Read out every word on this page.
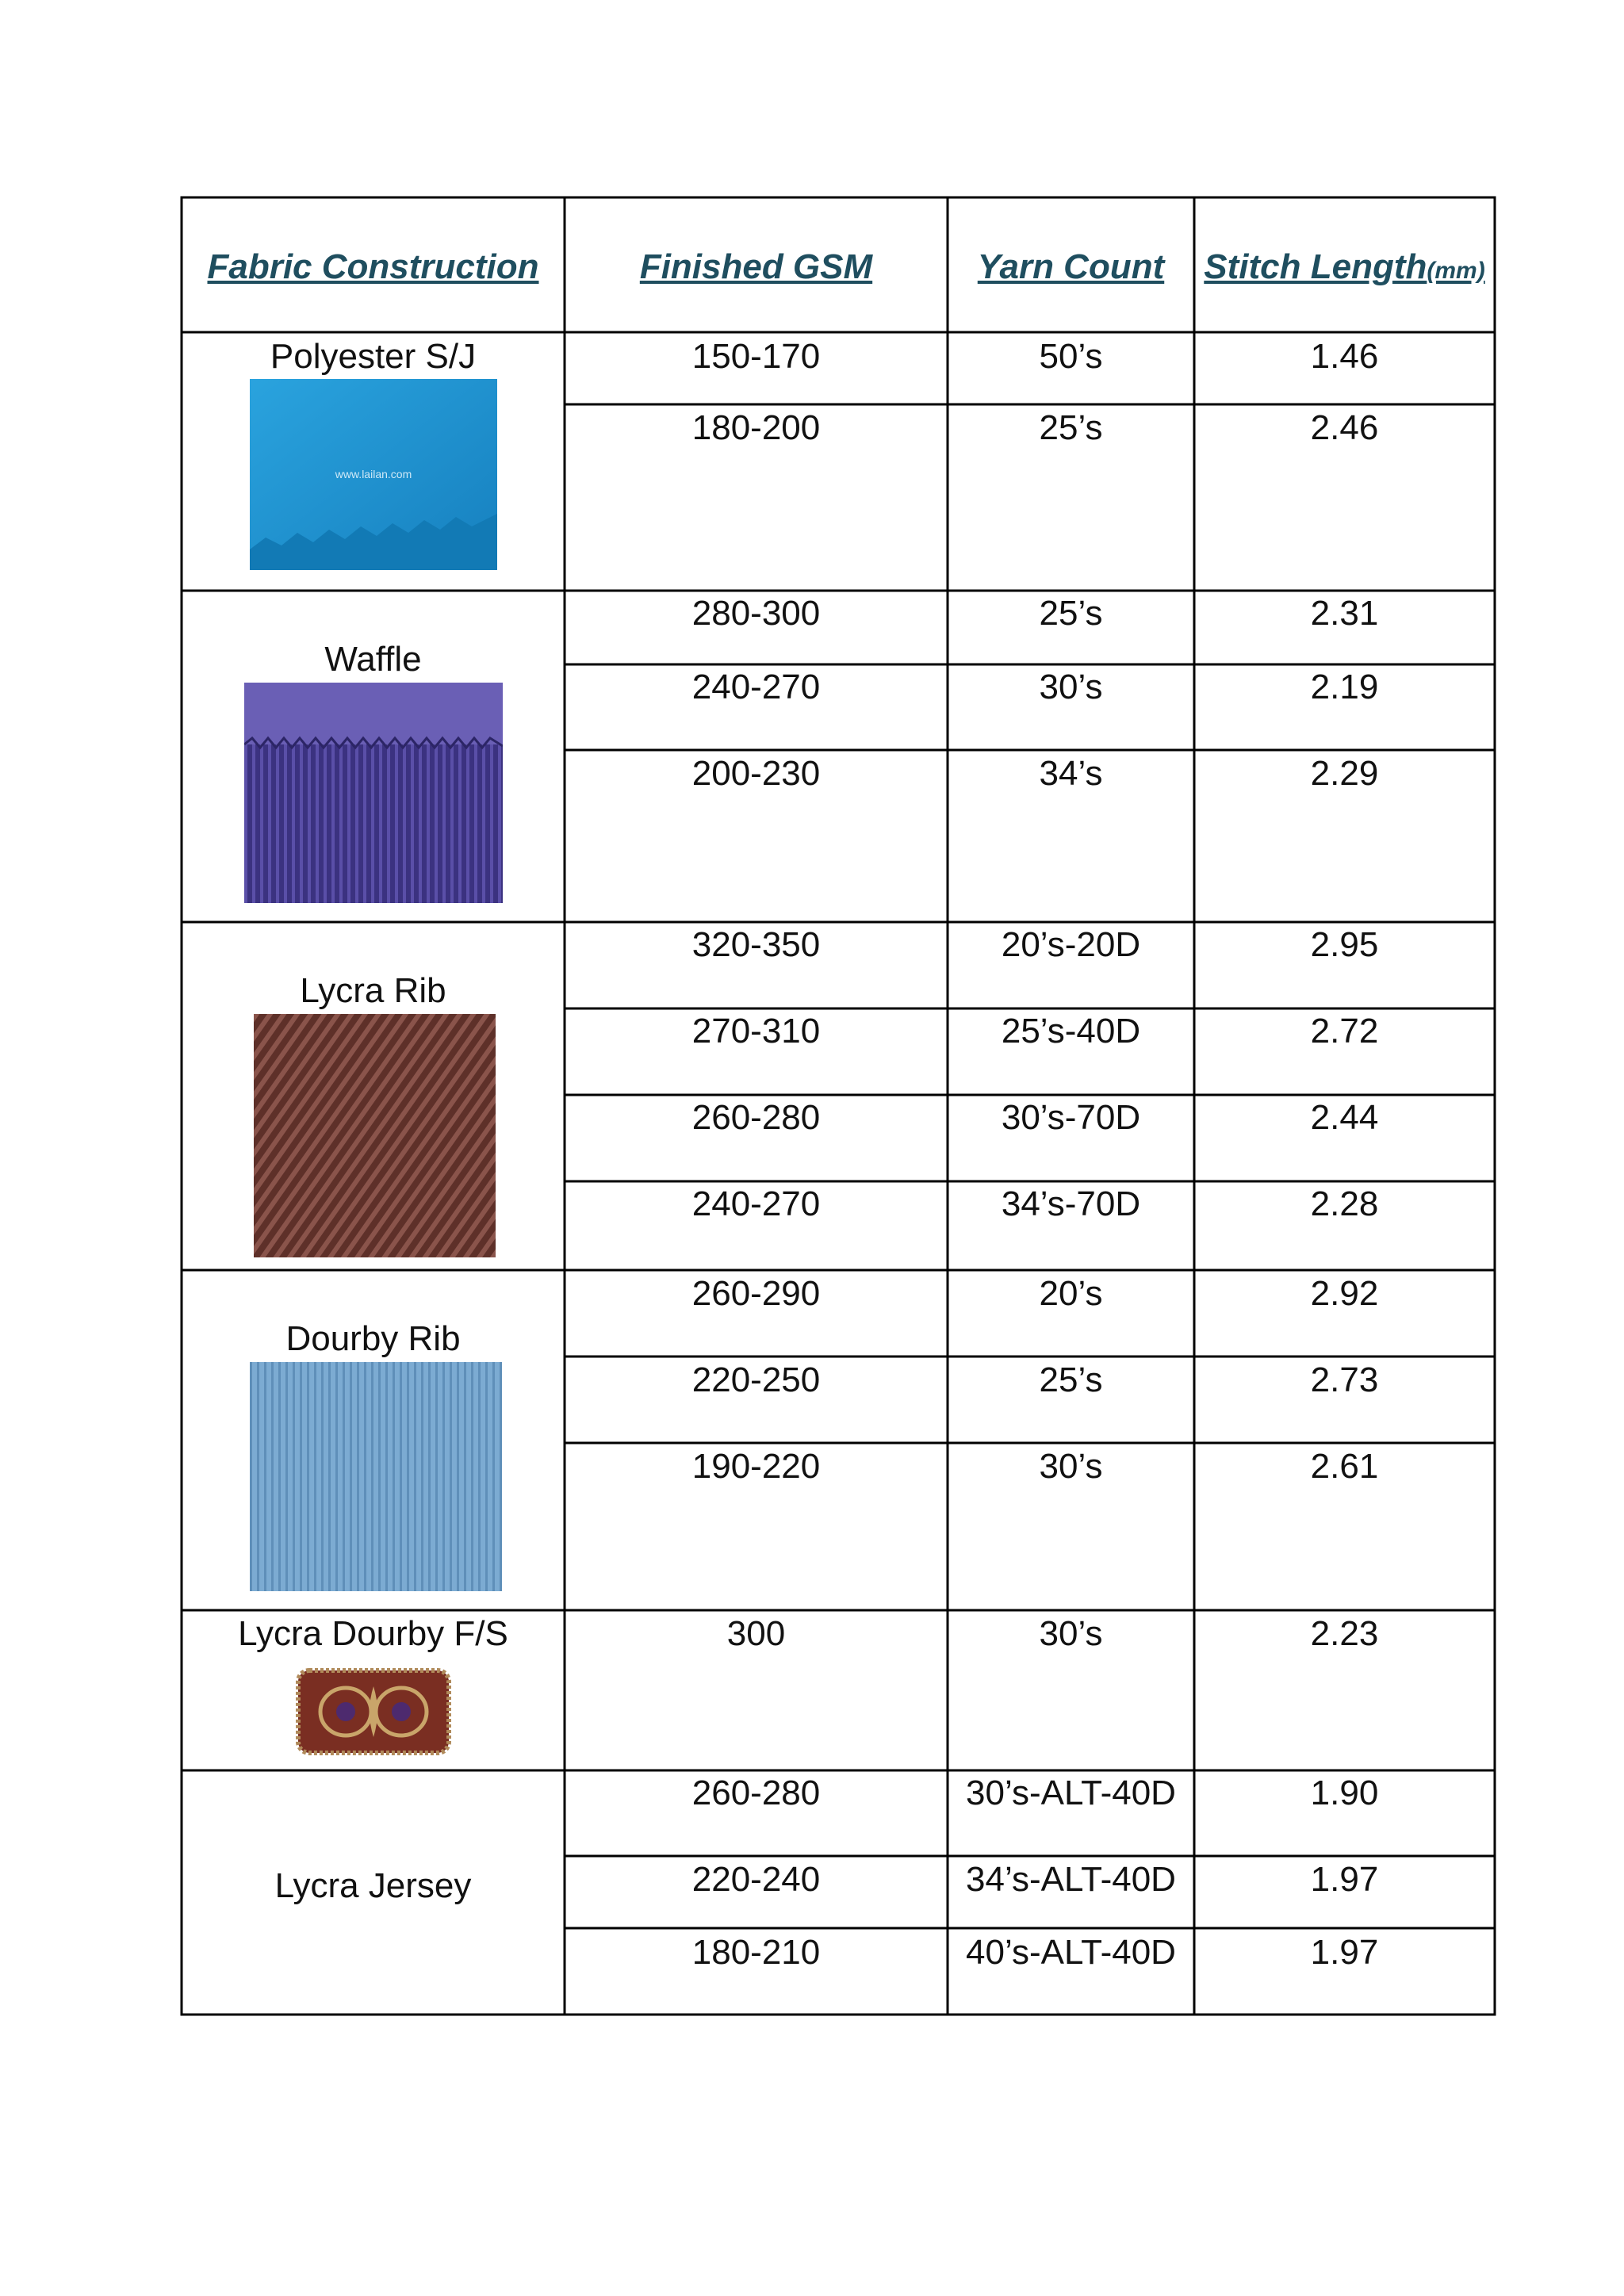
Fabric Construction	Finished GSM	Yarn Count	Stitch Length(mm)
Polyester S/J
www.lailan.com
150-170	50’s	1.46
180-200	25’s	2.46
Waffle
280-300	25’s	2.31
240-270	30’s	2.19
200-230	34’s	2.29
Lycra Rib
320-350	20’s-20D	2.95
270-310	25’s-40D	2.72
260-280	30’s-70D	2.44
240-270	34’s-70D	2.28
Dourby Rib
260-290	20’s	2.92
220-250	25’s	2.73
190-220	30’s	2.61
Lycra Dourby F/S	300	30’s	2.23
Lycra Jersey
260-280	30’s-ALT-40D	1.90
220-240	34’s-ALT-40D	1.97
180-210	40’s-ALT-40D	1.97
